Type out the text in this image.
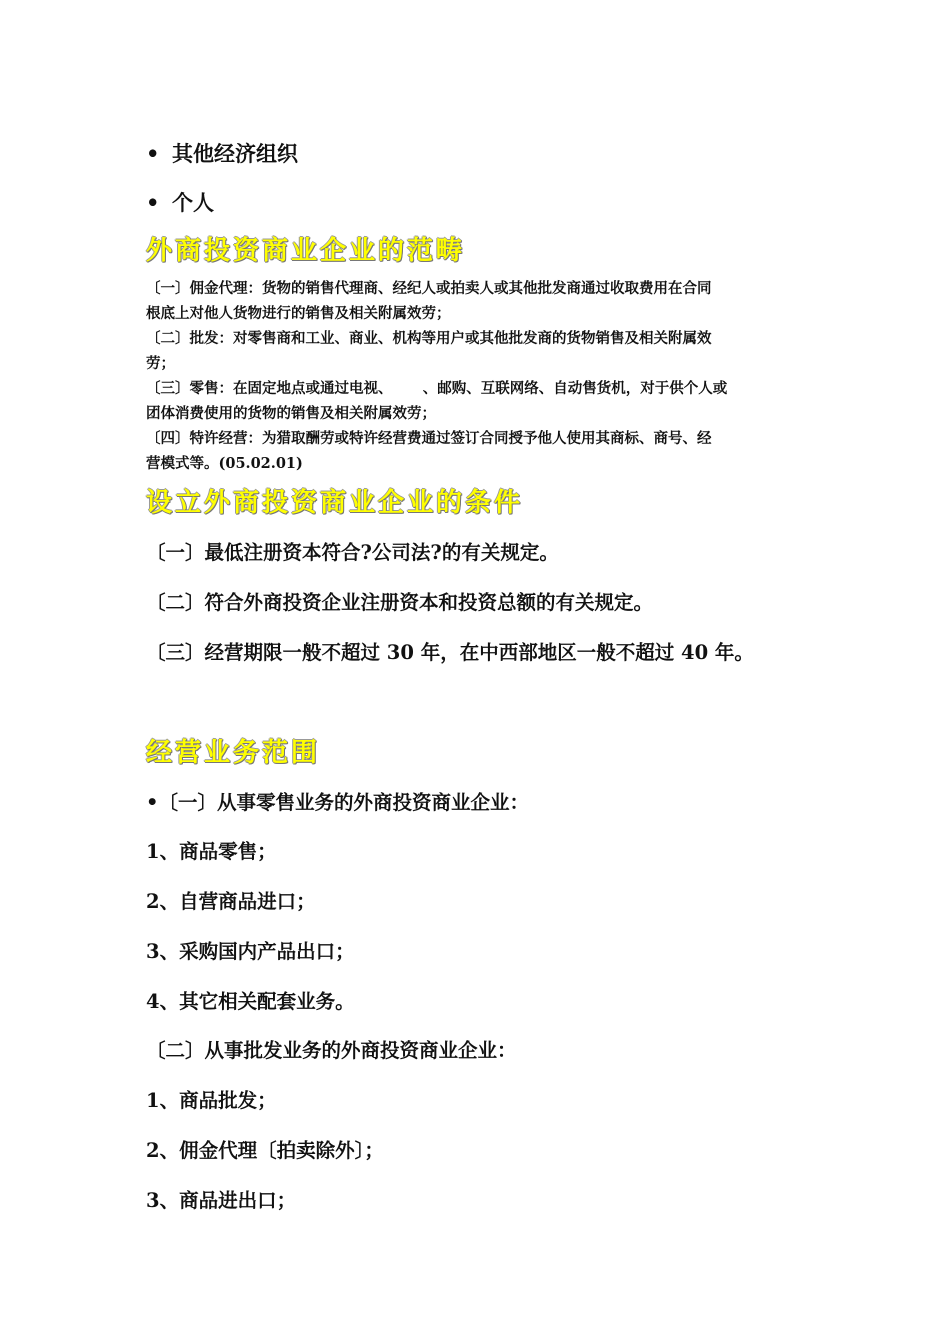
• 其他经济组织
• 个人
外商投资商业企业的范畴
〔一〕佣金代理：货物的销售代理商、经纪人或拍卖人或其他批发商通过收取费用在合同
根底上对他人货物进行的销售及相关附属效劳；
〔二〕批发：对零售商和工业、商业、机构等用户或其他批发商的货物销售及相关附属效
劳；
〔三〕零售：在固定地点或通过电视、      、邮购、互联网络、自动售货机，对于供个人或
团体消费使用的货物的销售及相关附属效劳；
〔四〕特许经营：为猎取酬劳或特许经营费通过签订合同授予他人使用其商标、商号、经
营模式等。(05.02.01)
设立外商投资商业企业的条件
〔一〕最低注册资本符合?公司法?的有关规定。
〔二〕符合外商投资企业注册资本和投资总额的有关规定。
〔三〕经营期限一般不超过 30 年，在中西部地区一般不超过 40 年。
经营业务范围
•〔一〕从事零售业务的外商投资商业企业：
1、商品零售；
2、自营商品进口；
3、采购国内产品出口；
4、其它相关配套业务。
〔二〕从事批发业务的外商投资商业企业：
1、商品批发；
2、佣金代理〔拍卖除外〕；
3、商品进出口；
